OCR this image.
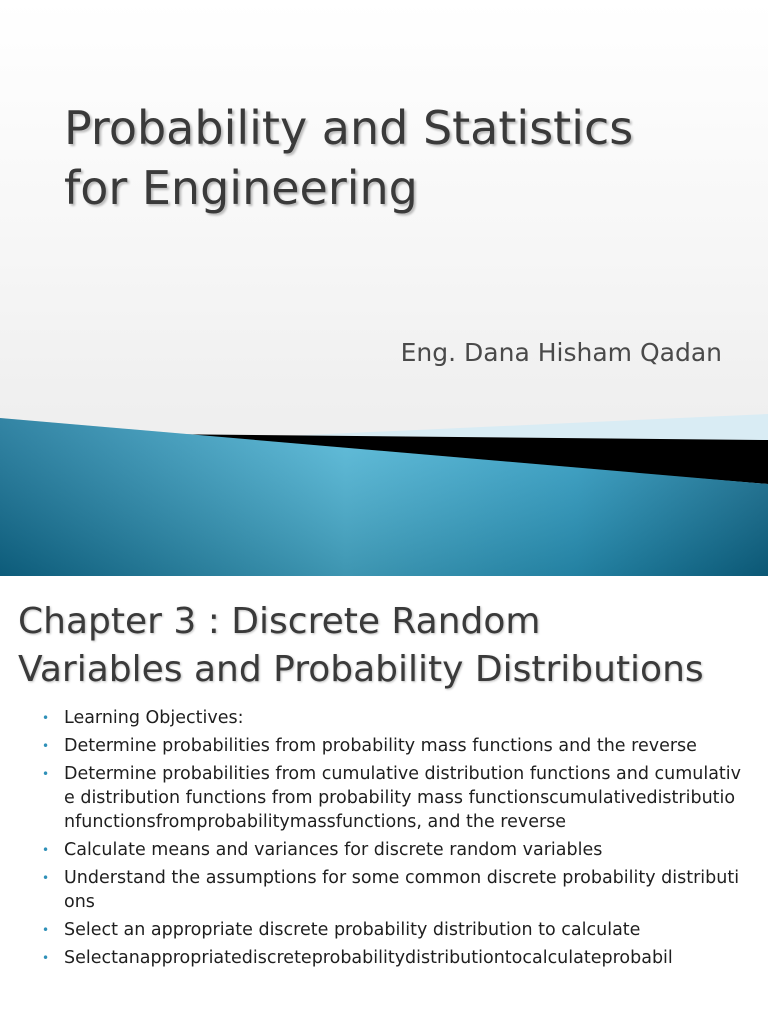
Probability and Statistics
for Engineering

Eng. Dana Hisham Qadan

Chapter 3 : Discrete Random
Variables and Probability Distributions
• Learning Objectives:
• Determine probabilities from probability mass functions and the reverse
• Determine probabilities from cumulative distribution functions and cumulative distribution functions from probability mass functionscumulativedistributionfunctionsfromprobabilitymassfunctions, and the reverse
• Calculate means and variances for discrete random variables
• Understand the assumptions for some common discrete probability distributions
• Select an appropriate discrete probability distribution to calculate
• Selectanappropriatediscreteprobabilitydistributiontocalculateprobabil
